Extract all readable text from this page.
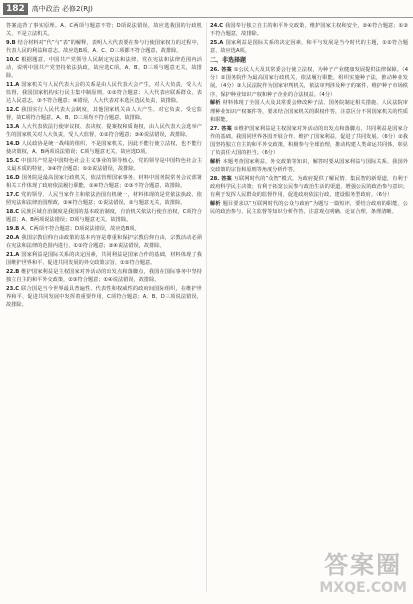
182	高中政治 必修2(RJ)

答案违背了事实原理。A、C两项与题意不符；D项说法错误，故应选我国的行政机关，不是立法机关。

9.B 结合材料对“代”与“表”的解释，表明人大代表要在参与行使国家权力的过程中，代表人民的利益和意志。故应选B项。A、C、D三项都不符合题意，故排除。

10.C 根据题意，中国共产党领导人民制定宪法和法律，党在宪法和法律范围内活动，说明中国共产党坚持依法执政，故应选C项。A、B、D三项与题意无关，故排除。

11.A 国家机关与人民代表大会的关系是由人民代表大会产生，对人大负责，受人大监督，我国国家机构实行民主集中制原则，①②符合题意；人大代表应联系群众，表达人民意志，③不符合题意；④错误，人大代表对本选区选民负责，故排除。

12.C 我国实行人民代表大会制度，其他国家机关由人大产生、对它负责、受它监督，故C项符合题意。A、B、D三项均不符合题意，故排除。

13.A 人大代表依法行使审议权、表决权、提案权和质询权，由人民代表大会选举产生的国家机关对人大负责，受人大监督，①②符合题意；③④说法错误，故排除。

14.D 人民政协是统一战线的组织，不是国家机关，因此不能行使立法权，也不能行使决策权，A、B两项说法错误；C项与题意无关，故应选D项。

15.C 中国共产党是中国特色社会主义事业的领导核心，党的领导是中国特色社会主义最本质的特征，③④符合题意；①②说法错误，故排除。

16.D 国务院是最高国家行政机关，依法管理国家事务，材料中国务院常务会议部署相关工作体现了政府依法履行职能，①④符合题意；②③不符合题意，故排除。

17.C 党的领导、人民当家作主和依法治国有机统一，材料体现的是党依法执政、依照宪法和法律治国理政，③④符合题意；①说法错误，②与题意无关，故排除。

18.C 民族区域自治制度是我国的基本政治制度，自治机关依法行使自治权，C项符合题意；A、B两项说法错误；D项与题意无关，故排除。

19.B A、C两项不符合题意；D项说法错误，故应选B项。

20.A 我国宗教信仰自由政策的基本内容是尊重和保护宗教信仰自由，宗教活动必须在宪法和法律的范围内进行，①②符合题意；③④说法错误，故排除。

21.A 国家利益是国际关系的决定因素，共同利益是国家合作的基础，材料体现了我国维护世界和平、促进共同发展的外交政策宗旨，①②符合题意。

22.B 维护国家利益是主权国家对外活动的出发点和落脚点，我国在国际事务中坚持独立自主的和平外交政策，②③符合题意；①④说法错误，故排除。

23.C 联合国是当今世界最具普遍性、代表性和权威性的政府间国际组织，在维护世界和平、促进共同发展中发挥着重要作用，C项符合题意；A、B、D三项说法错误，故排除。

24.C 我国奉行独立自主的和平外交政策，维护国家主权和安全，②④符合题意；①③不符合题意，故排除。

25.A 国家利益是国际关系的决定因素，和平与发展是当今时代的主题，①②符合题意，故应选A项。

二、非选择题

26. 答案 ①公民人大及其常委会行使立法权，为种子产业健康发展提供法律保障。（4分）②国务院作为最高国家行政机关，依法履行职能，组织实施种子法，推动种业发展。（4分）③人民法院作为国家审判机关，依法审判涉及种子的案件，维护种子市场秩序，保护种业知识产权和种子企业的合法权益。（4分）

解析 材料体现了全国人大及其常委会修改种子法、国务院制定相关措施、人民法院审理种业知识产权案件等，要求结合国家机关的职权作答，注意区分不同国家机关的性质和职能。

27. 答案 ①维护国家利益是主权国家对外活动的出发点和落脚点，共同利益是国家合作的基础。我国同世界各国开展合作，维护了国家利益，促进了共同发展。（6分）②我国坚持独立自主的和平外交政策，积极参与全球治理，推动构建人类命运共同体，彰显了负责任大国的担当。（6分）

解析 本题考查国家利益、外交政策等知识，解答时要从国家利益与国际关系、我国外交政策的宗旨和原则等角度分析作答。

28. 答案 互联网时代的“众智”模式，为政府提供了解民情、集民智的新渠道，有利于政府科学民主决策；有利于拓宽公民参与政治生活的渠道，增强公民的政治参与意识；有利于发挥人民群众的监督作用，促进政府依法行政，建设服务型政府。（6分）

解析 题目要求以“互联网时代的公众与政府”为题写一篇短评，要结合政府的职能、公民的政治参与、民主监督等知识分析作答，注意观点明确、论证合理、条理清晰。

答案圈
MXQE.COM
